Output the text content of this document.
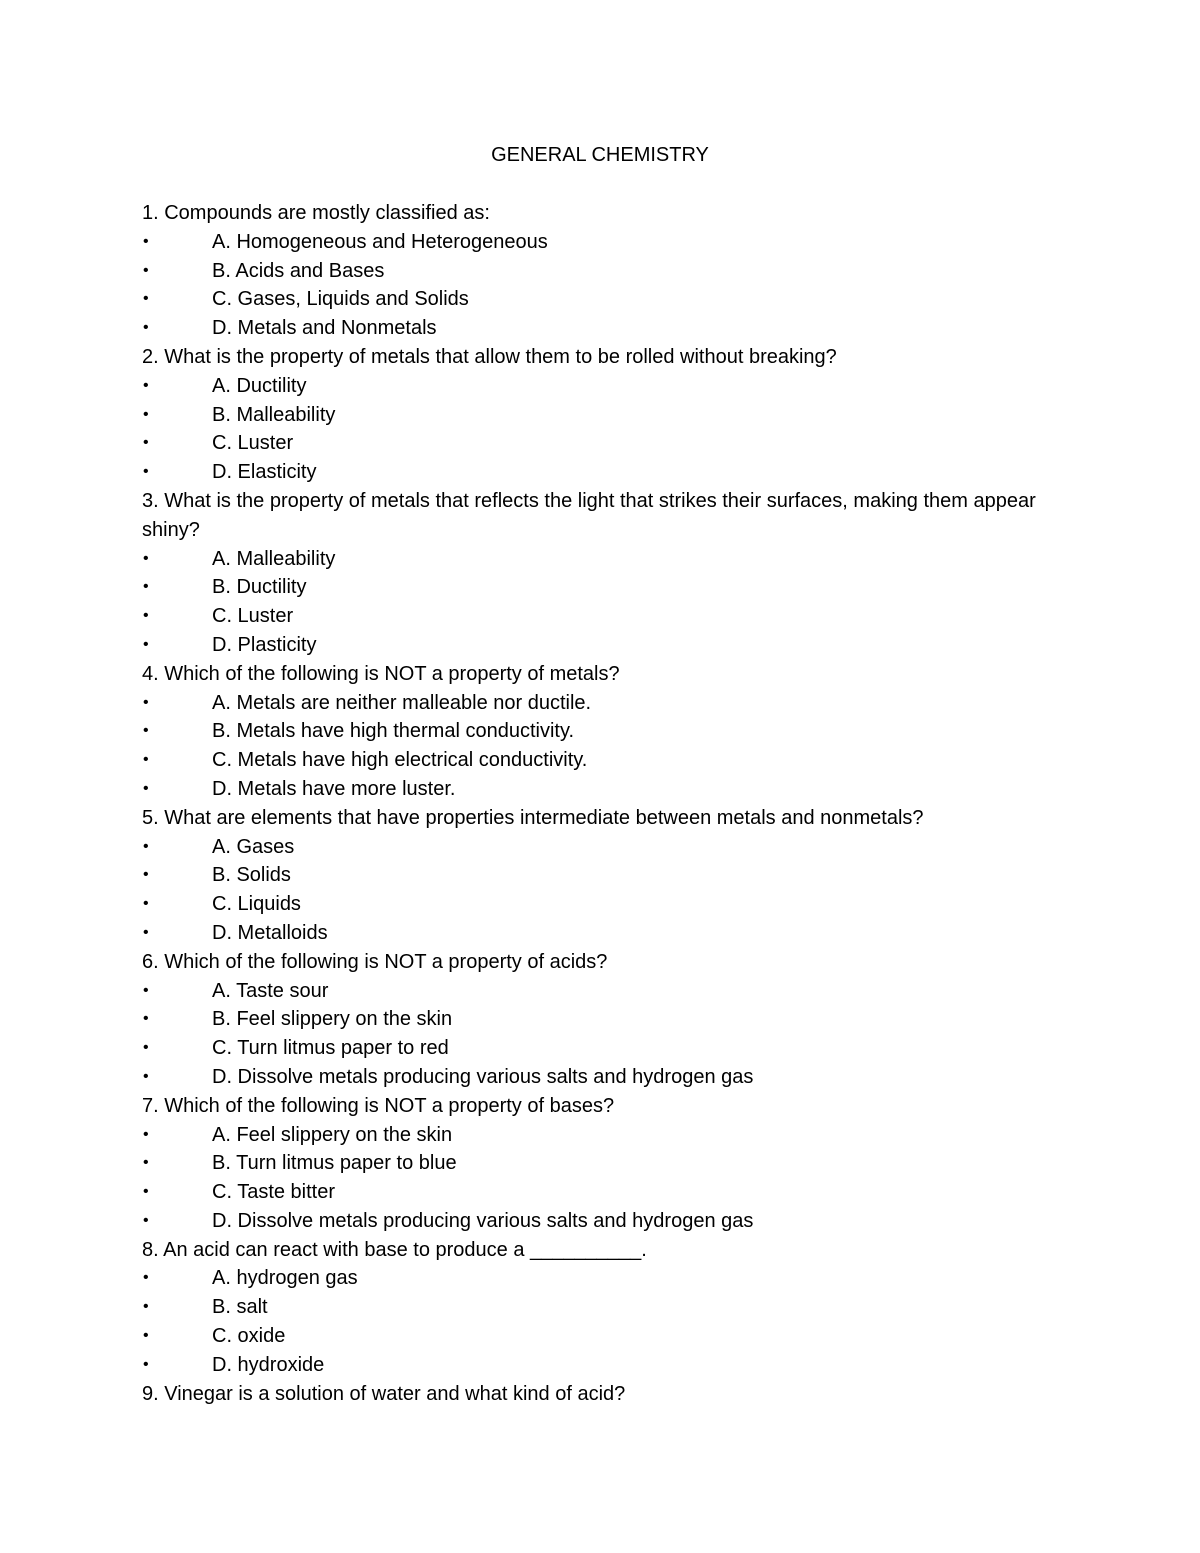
GENERAL CHEMISTRY
1. Compounds are mostly classified as:
•	A. Homogeneous and Heterogeneous
•	B. Acids and Bases
•	C. Gases, Liquids and Solids
•	D. Metals and Nonmetals
2. What is the property of metals that allow them to be rolled without breaking?
•	A. Ductility
•	B. Malleability
•	C. Luster
•	D. Elasticity
3. What is the property of metals that reflects the light that strikes their surfaces, making them appear shiny?
•	A. Malleability
•	B. Ductility
•	C. Luster
•	D. Plasticity
4. Which of the following is NOT a property of metals?
•	A. Metals are neither malleable nor ductile.
•	B. Metals have high thermal conductivity.
•	C. Metals have high electrical conductivity.
•	D. Metals have more luster.
5. What are elements that have properties intermediate between metals and nonmetals?
•	A. Gases
•	B. Solids
•	C. Liquids
•	D. Metalloids
6. Which of the following is NOT a property of acids?
•	A. Taste sour
•	B. Feel slippery on the skin
•	C. Turn litmus paper to red
•	D. Dissolve metals producing various salts and hydrogen gas
7. Which of the following is NOT a property of bases?
•	A. Feel slippery on the skin
•	B. Turn litmus paper to blue
•	C. Taste bitter
•	D. Dissolve metals producing various salts and hydrogen gas
8. An acid can react with base to produce a __________.
•	A. hydrogen gas
•	B. salt
•	C. oxide
•	D. hydroxide
9. Vinegar is a solution of water and what kind of acid?
